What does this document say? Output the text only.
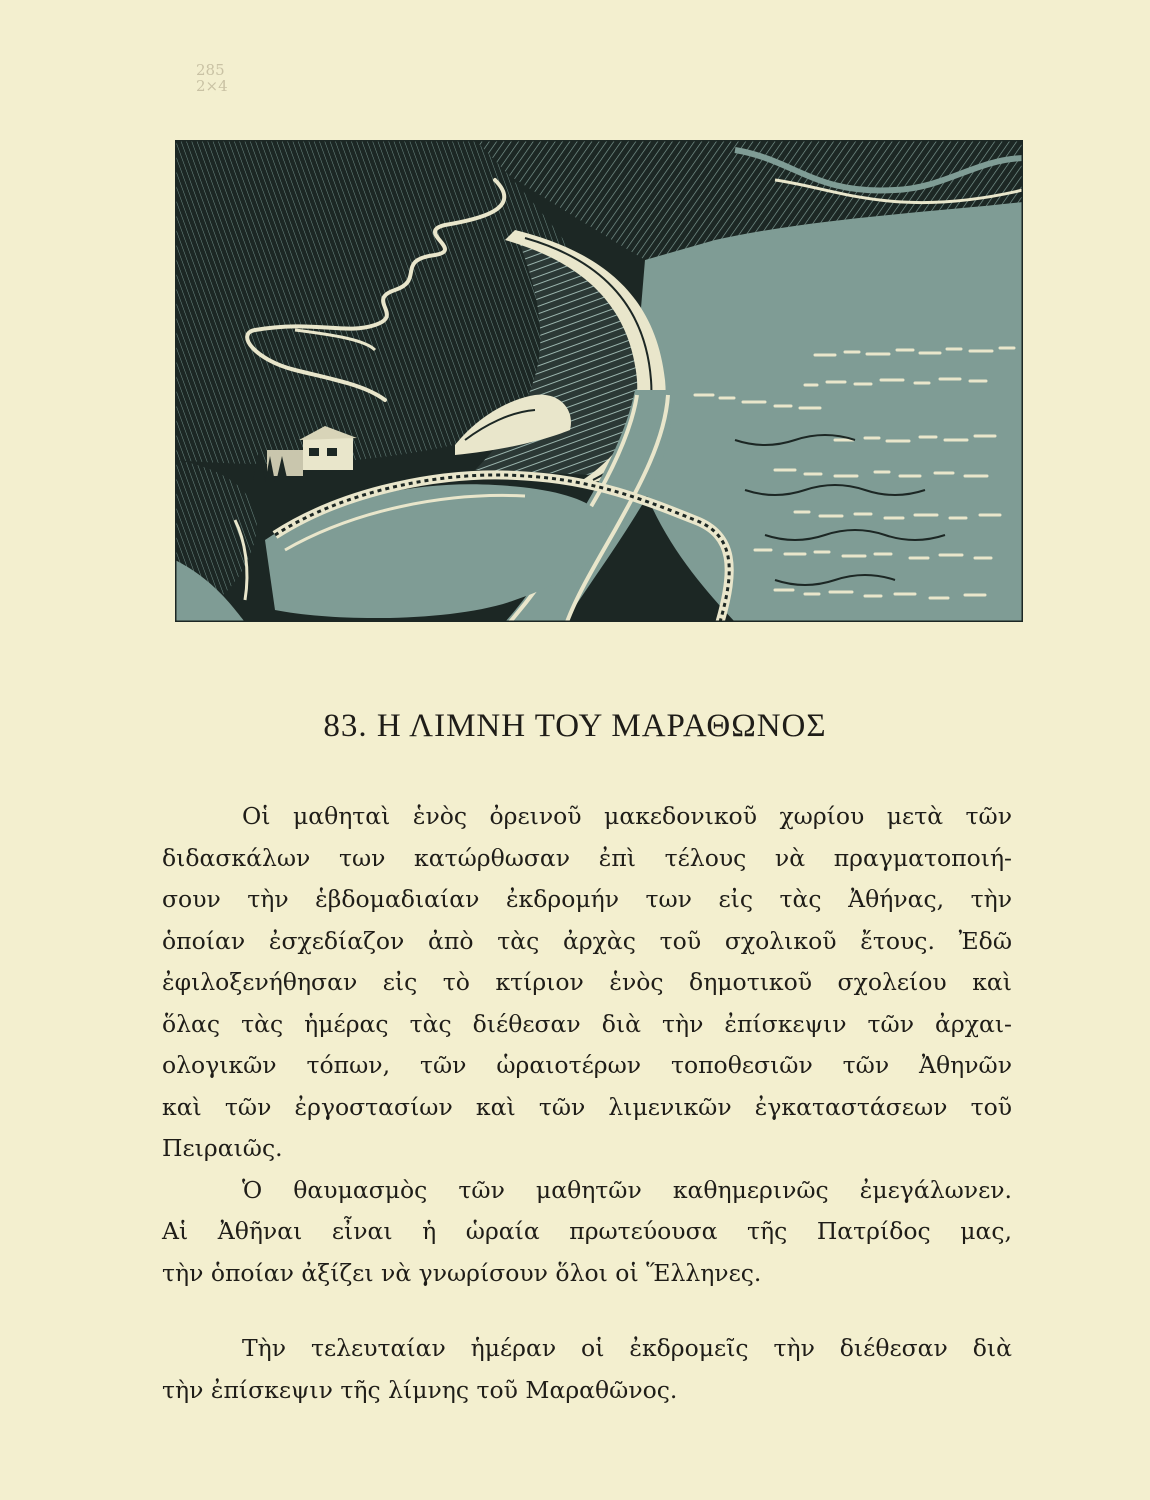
285
2×4
83. Η ΛΙΜΝΗ ΤΟΥ ΜΑΡΑΘΩΝΟΣ

Οἱ μαθηταὶ ἑνὸς ὀρεινοῦ μακεδονικοῦ χωρίου μετὰ τῶν
διδασκάλων των κατώρθωσαν ἐπὶ τέλους νὰ πραγματοποιή-
σουν τὴν ἑβδομαδιαίαν ἐκδρομήν των εἰς τὰς Ἀθήνας, τὴν
ὁποίαν ἐσχεδίαζον ἀπὸ τὰς ἀρχὰς τοῦ σχολικοῦ ἔτους. Ἐδῶ
ἐφιλοξενήθησαν εἰς τὸ κτίριον ἑνὸς δημοτικοῦ σχολείου καὶ
ὅλας τὰς ἡμέρας τὰς διέθεσαν διὰ τὴν ἐπίσκεψιν τῶν ἀρχαι-
ολογικῶν τόπων, τῶν ὡραιοτέρων τοποθεσιῶν τῶν Ἀθηνῶν
καὶ τῶν ἐργοστασίων καὶ τῶν λιμενικῶν ἐγκαταστάσεων τοῦ
Πειραιῶς.

Ὁ θαυμασμὸς τῶν μαθητῶν καθημερινῶς ἐμεγάλωνεν.
Αἱ Ἀθῆναι εἶναι ἡ ὡραία πρωτεύουσα τῆς Πατρίδος μας,
τὴν ὁποίαν ἀξίζει νὰ γνωρίσουν ὅλοι οἱ Ἕλληνες.

Τὴν τελευταίαν ἡμέραν οἱ ἐκδρομεῖς τὴν διέθεσαν διὰ
τὴν ἐπίσκεψιν τῆς λίμνης τοῦ Μαραθῶνος.
